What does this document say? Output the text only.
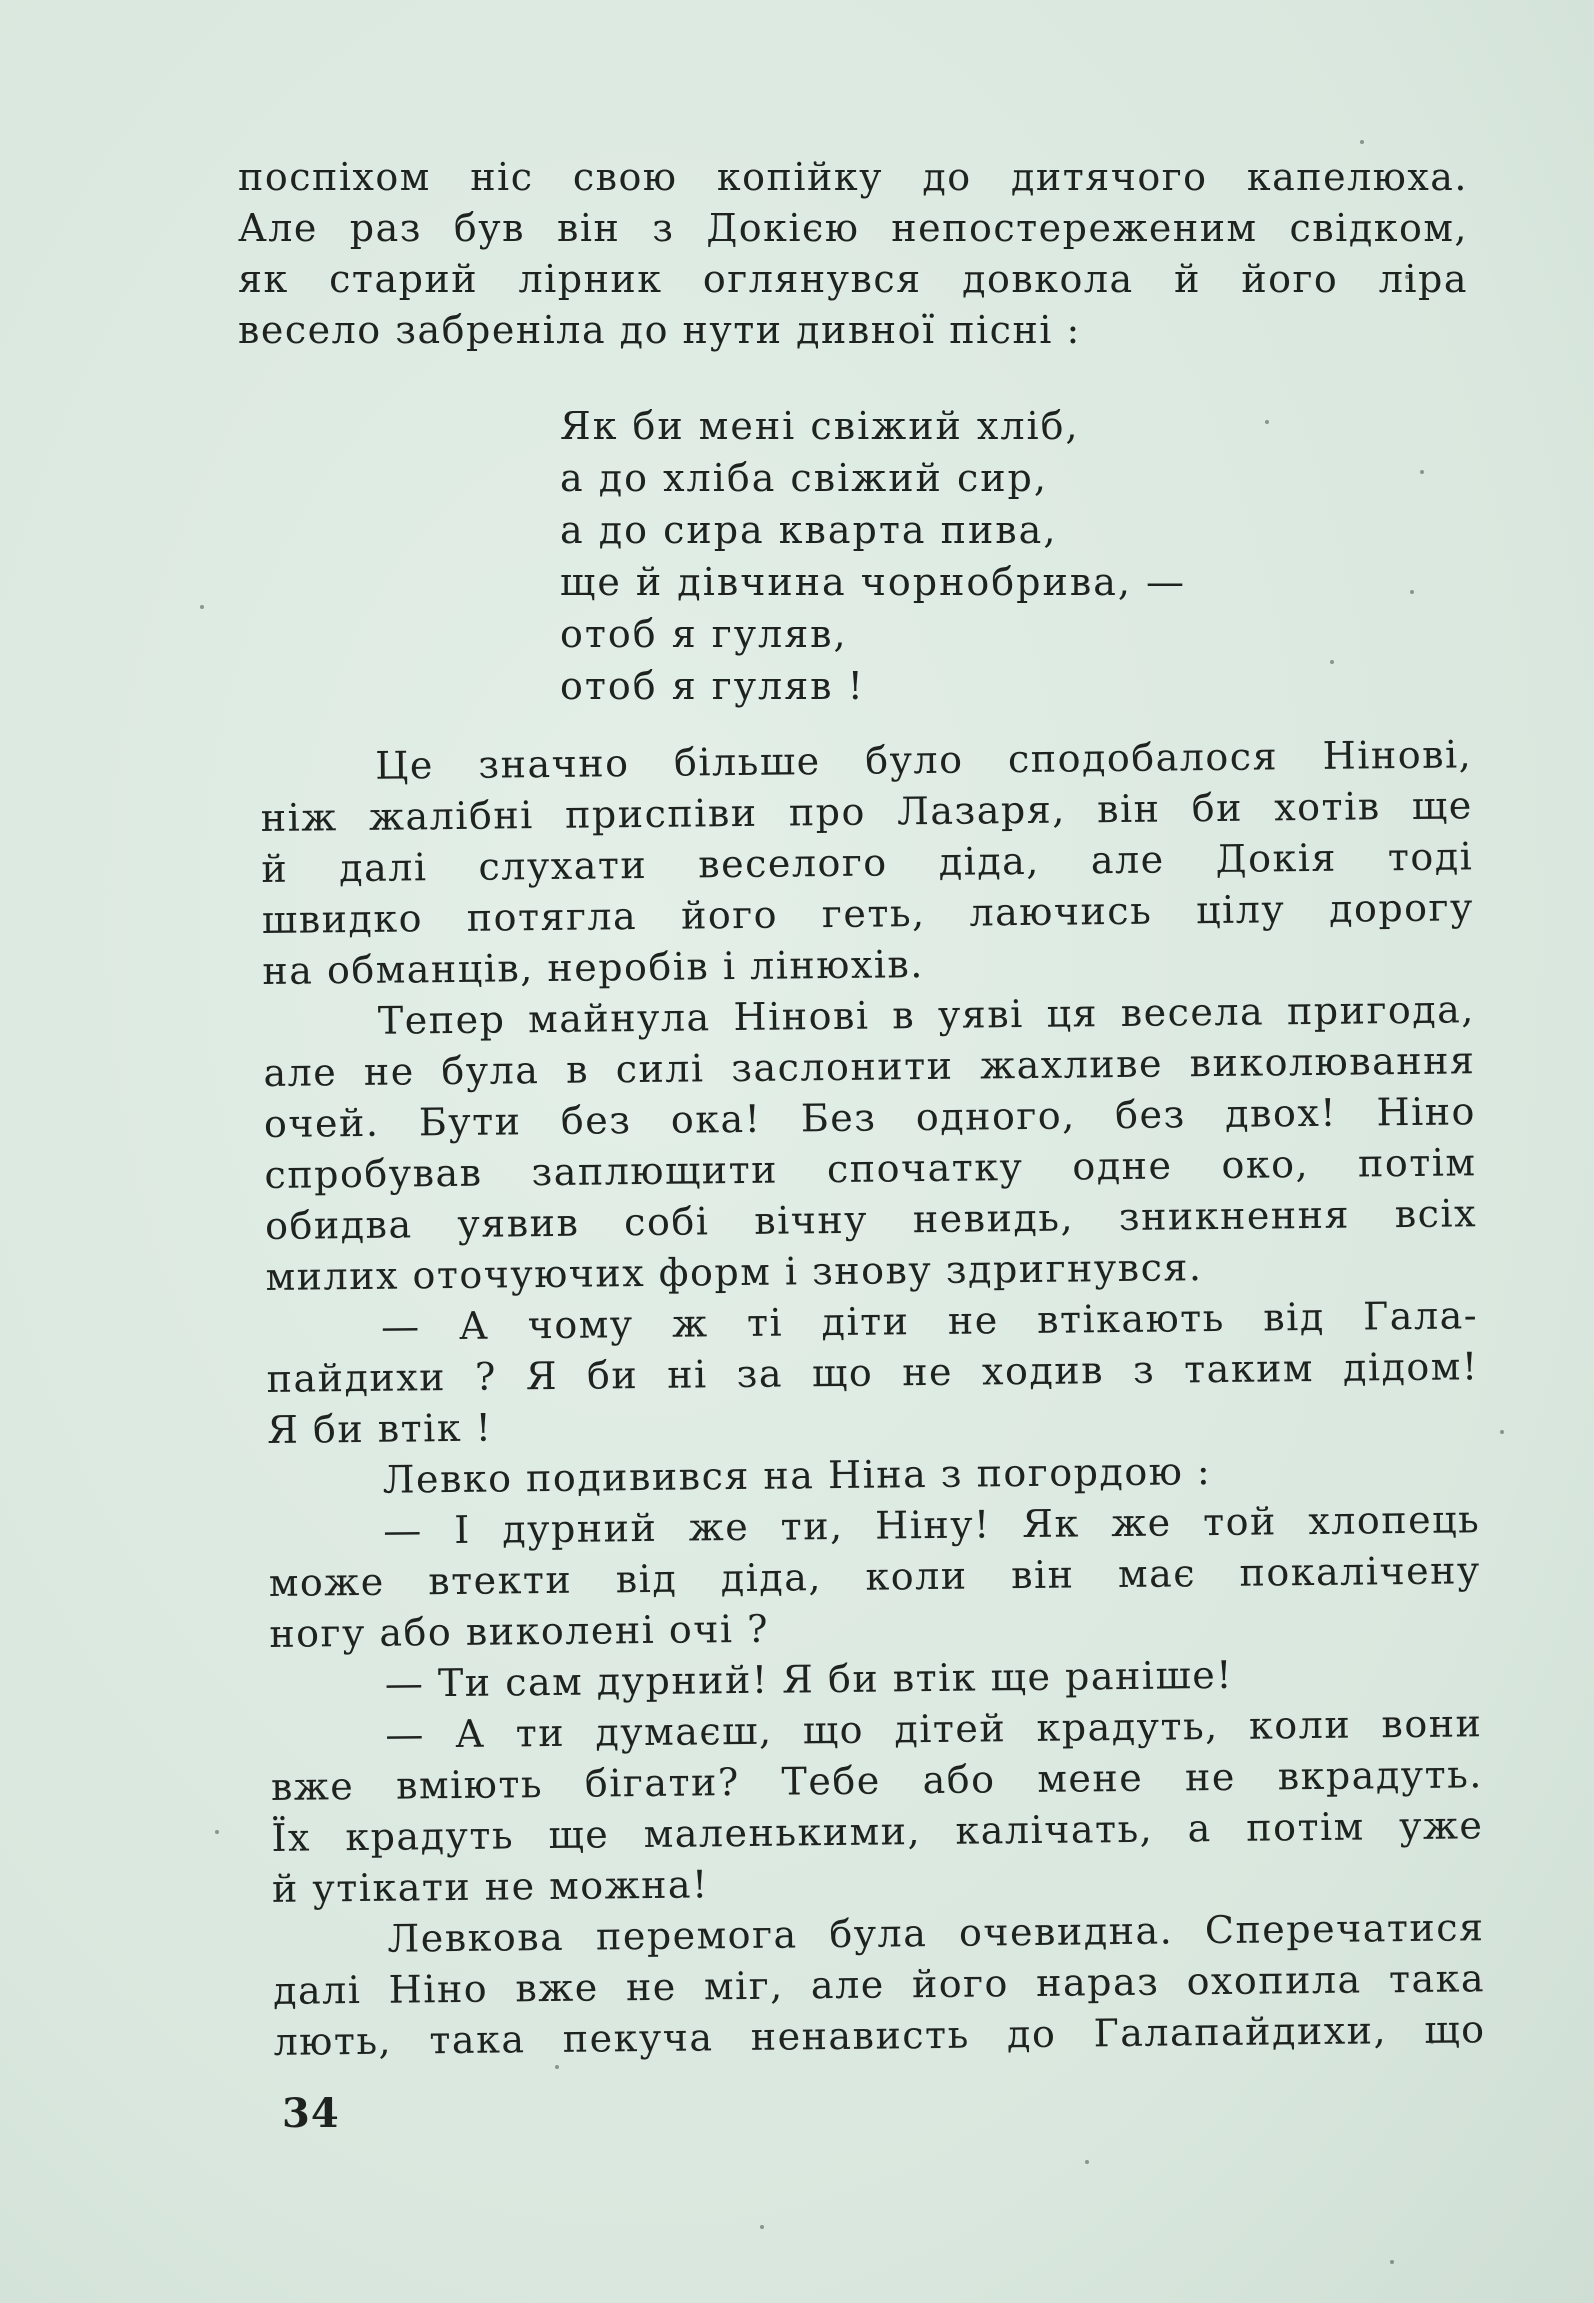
поспіхом ніс свою копійку до дитячого капелюха.
Але раз був він з Докією непостереженим свідком,
як старий лірник оглянувся довкола й його ліра
весело забреніла до нути дивної пісні :
Як би мені свіжий хліб,
а до хліба свіжий сир,
а до сира кварта пива,
ще й дівчина чорнобрива, —
отоб я гуляв,
отоб я гуляв !
Це значно більше було сподобалося Нінові,
ніж жалібні приспіви про Лазаря, він би хотів ще
й далі слухати веселого діда, але Докія тоді
швидко потягла його геть, лаючись цілу дорогу
на обманців, неробів і лінюхів.
Тепер майнула Нінові в уяві ця весела пригода,
але не була в силі заслонити жахливе виколювання
очей. Бути без ока! Без одного, без двох! Ніно
спробував заплющити спочатку одне око, потім
обидва уявив собі вічну невидь, зникнення всіх
милих оточуючих форм і знову здригнувся.
— А чому ж ті діти не втікають від Гала-
пайдихи ? Я би ні за що не ходив з таким дідом!
Я би втік !
Левко подивився на Ніна з погордою :
— І дурний же ти, Ніну! Як же той хлопець
може втекти від діда, коли він має покалічену
ногу або виколені очі ?
— Ти сам дурний! Я би втік ще раніше!
— А ти думаєш, що дітей крадуть, коли вони
вже вміють бігати? Тебе або мене не вкрадуть.
Їх крадуть ще маленькими, калічать, а потім уже
й утікати не можна!
Левкова перемога була очевидна. Сперечатися
далі Ніно вже не міг, але його нараз охопила така
лють, така пекуча ненависть до Галапайдихи, що
34
